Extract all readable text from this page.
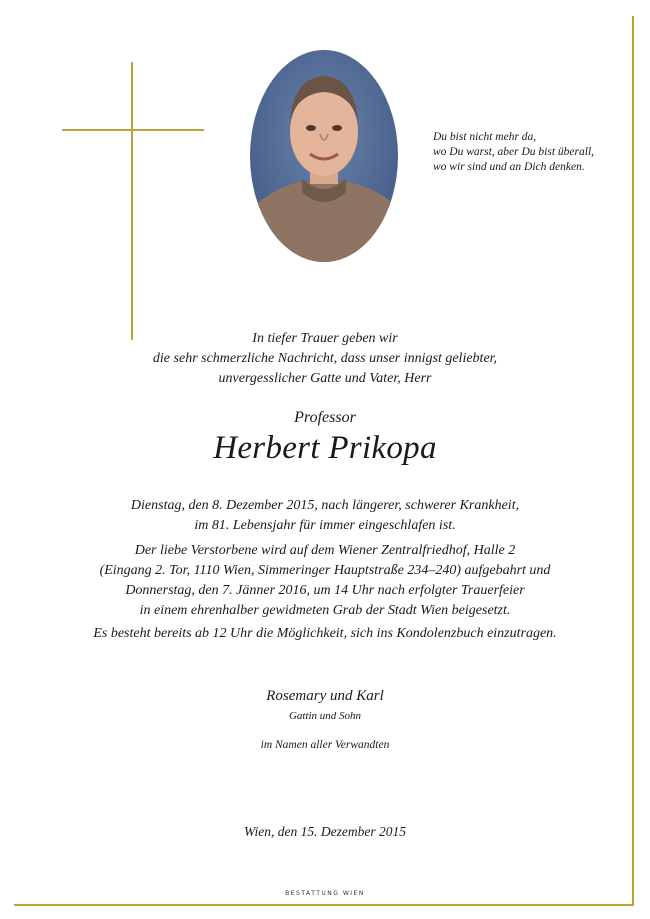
Du bist nicht mehr da,
wo Du warst, aber Du bist überall,
wo wir sind und an Dich denken.
In tiefer Trauer geben wir
die sehr schmerzliche Nachricht, dass unser innigst geliebter,
unvergesslicher Gatte und Vater, Herr
Professor
Herbert Prikopa
Dienstag, den 8. Dezember 2015, nach längerer, schwerer Krankheit,
im 81. Lebensjahr für immer eingeschlafen ist.
Der liebe Verstorbene wird auf dem Wiener Zentralfriedhof, Halle 2
(Eingang 2. Tor, 1110 Wien, Simmeringer Hauptstraße 234–240) aufgebahrt und
Donnerstag, den 7. Jänner 2016, um 14 Uhr nach erfolgter Trauerfeier
in einem ehrenhalber gewidmeten Grab der Stadt Wien beigesetzt.
Es besteht bereits ab 12 Uhr die Möglichkeit, sich ins Kondolenzbuch einzutragen.
Rosemary und Karl
Gattin und Sohn
im Namen aller Verwandten
Wien, den 15. Dezember 2015
BESTATTUNG WIEN
